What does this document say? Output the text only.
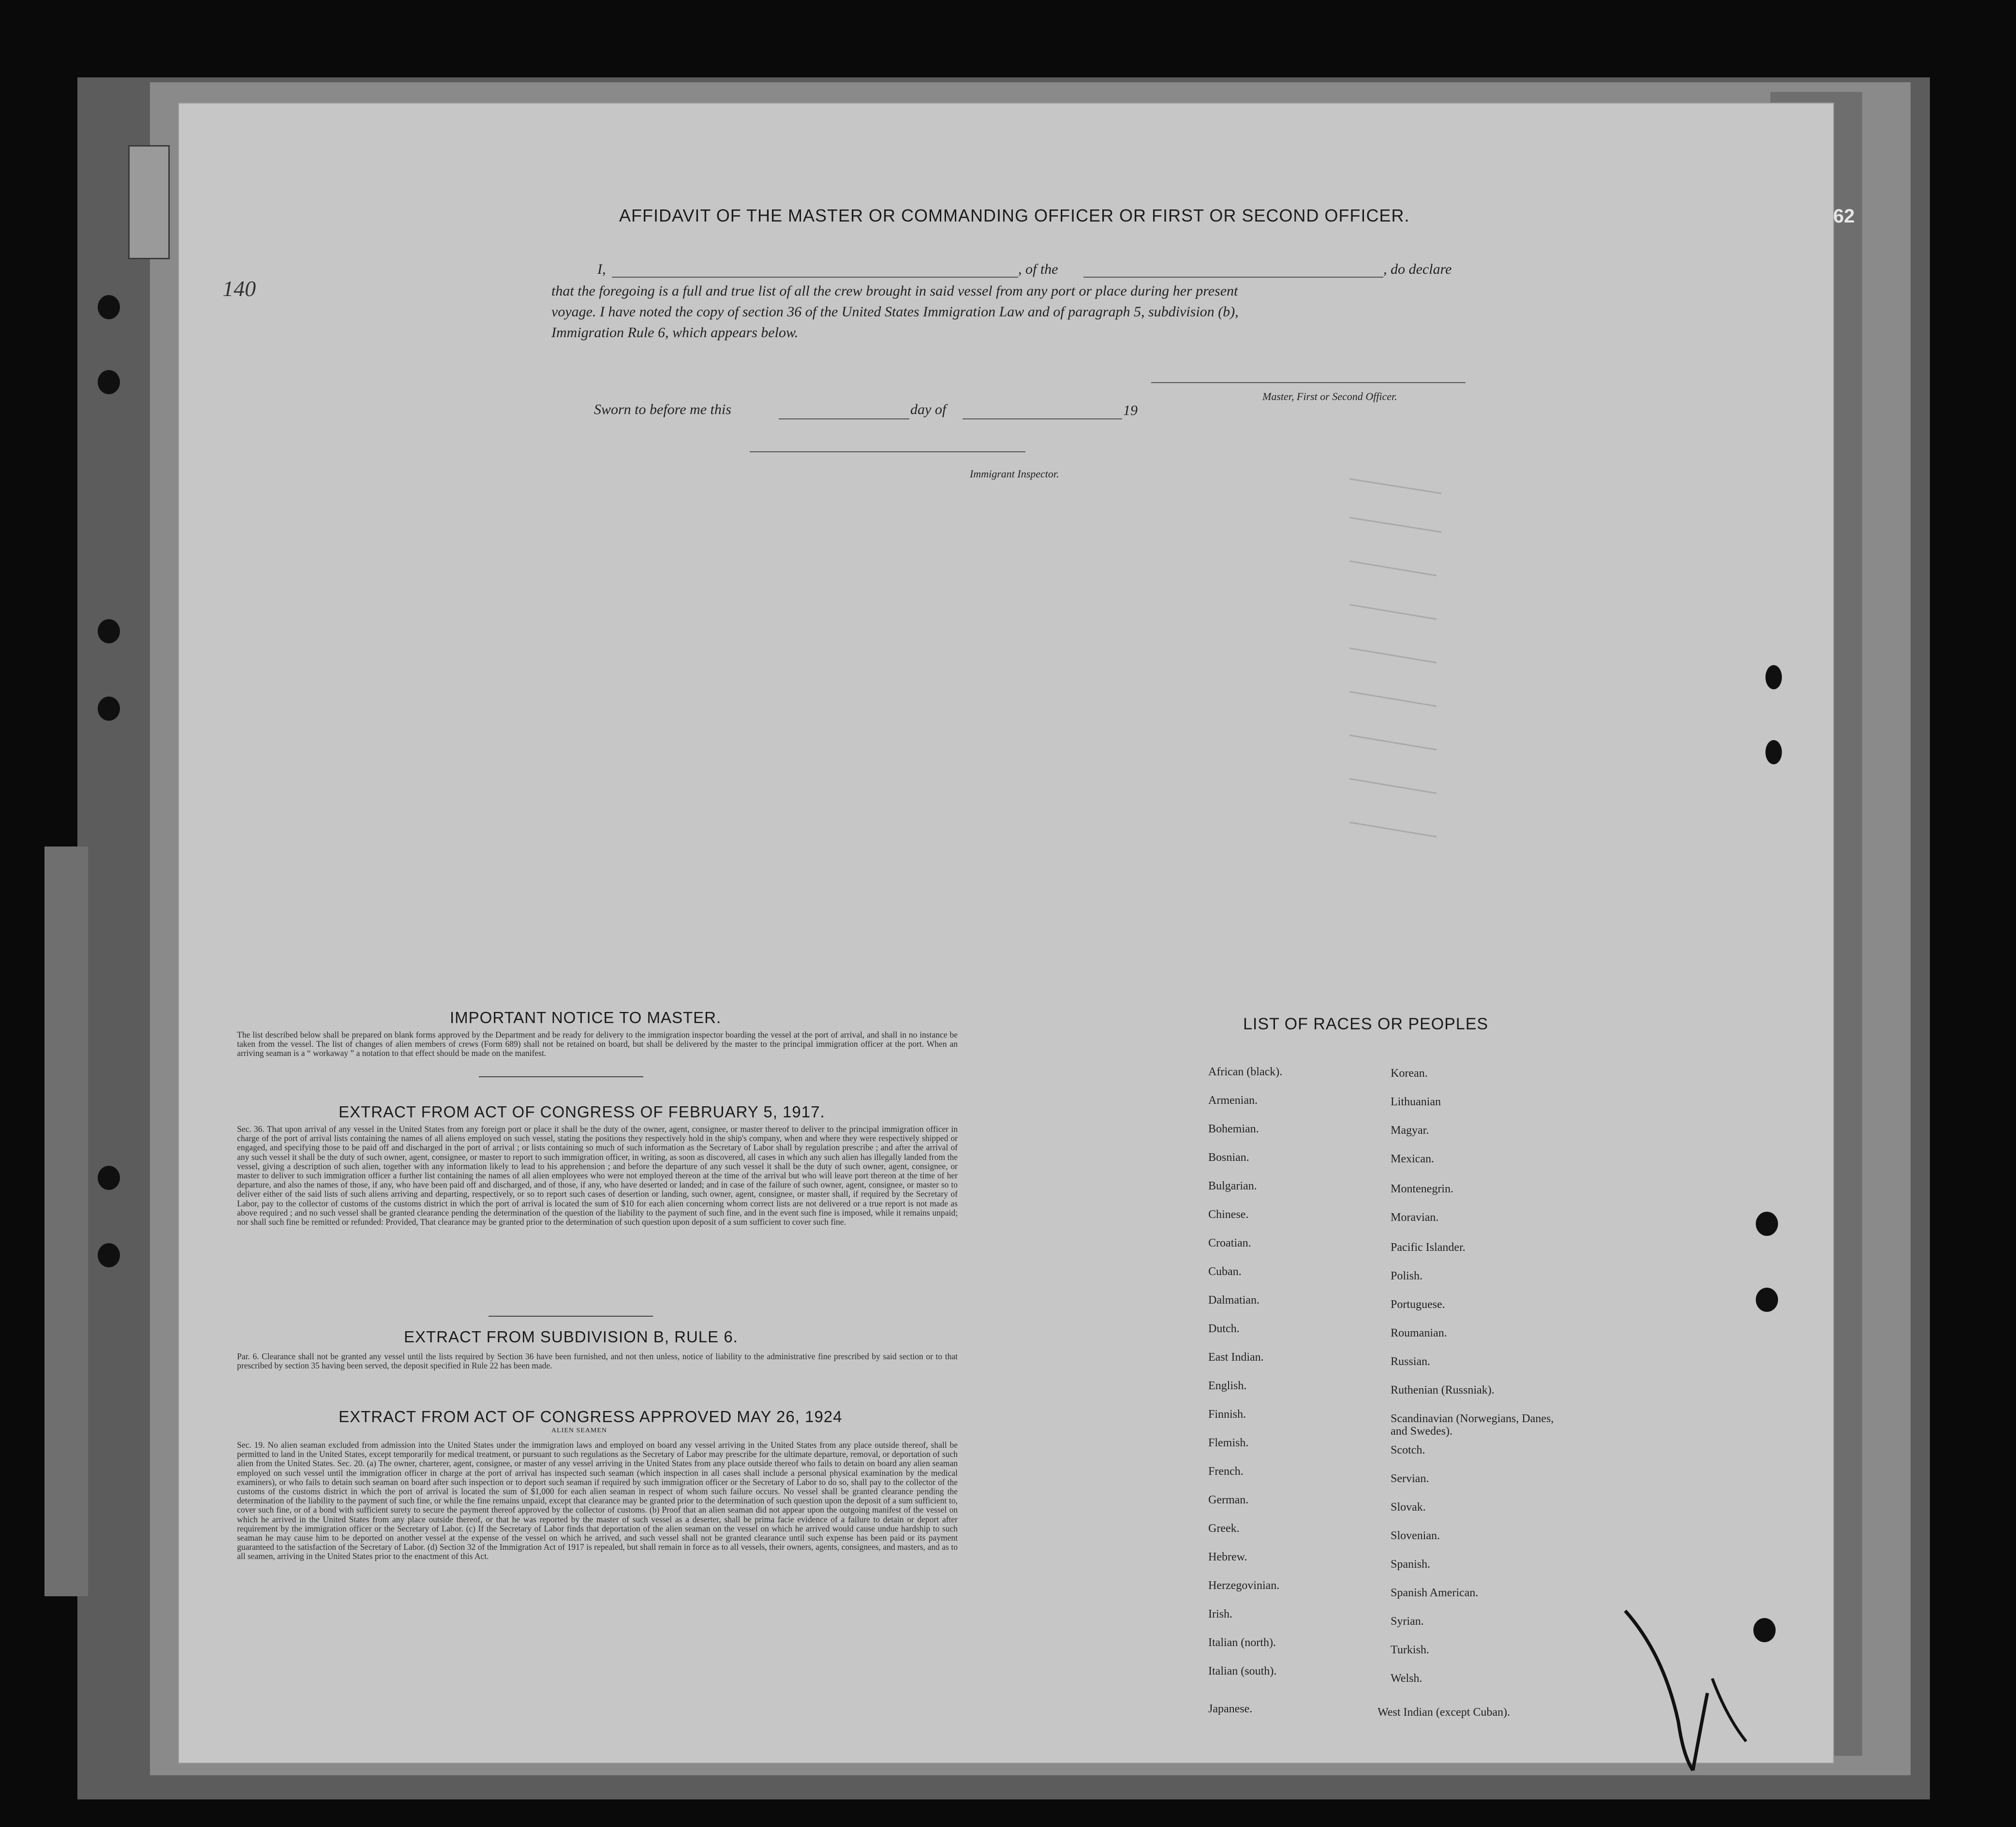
62
140
AFFIDAVIT OF THE MASTER OR COMMANDING OFFICER OR FIRST OR SECOND OFFICER.
I,	, of the	, do declare
that the foregoing is a full and true list of all the crew brought in said vessel from any port or place during her present
voyage. I have noted the copy of section 36 of the United States Immigration Law and of paragraph 5, subdivision (b),
Immigration Rule 6, which appears below.
Master, First or Second Officer.
Sworn to before me this	day of	19
Immigrant Inspector.
IMPORTANT NOTICE TO MASTER.
The list described below shall be prepared on blank forms approved by the Department and be ready for delivery to the immigration inspector boarding the vessel at the port of arrival, and shall in no instance be taken from the vessel. The list of changes of alien members of crews (Form 689) shall not be retained on board, but shall be delivered by the master to the principal immigration officer at the port. When an arriving seaman is a “ workaway ” a notation to that effect should be made on the manifest.
EXTRACT FROM ACT OF CONGRESS OF FEBRUARY 5, 1917.
Sec. 36. That upon arrival of any vessel in the United States from any foreign port or place it shall be the duty of the owner, agent, consignee, or master thereof to deliver to the principal immigration officer in charge of the port of arrival lists containing the names of all aliens employed on such vessel, stating the positions they respectively hold in the ship's company, when and where they were respectively shipped or engaged, and specifying those to be paid off and discharged in the port of arrival ; or lists containing so much of such information as the Secretary of Labor shall by regulation prescribe ; and after the arrival of any such vessel it shall be the duty of such owner, agent, consignee, or master to report to such immigration officer, in writing, as soon as discovered, all cases in which any such alien has illegally landed from the vessel, giving a description of such alien, together with any information likely to lead to his apprehension ; and before the departure of any such vessel it shall be the duty of such owner, agent, consignee, or master to deliver to such immigration officer a further list containing the names of all alien employees who were not employed thereon at the time of the arrival but who will leave port thereon at the time of her departure, and also the names of those, if any, who have been paid off and discharged, and of those, if any, who have deserted or landed; and in case of the failure of such owner, agent, consignee, or master so to deliver either of the said lists of such aliens arriving and departing, respectively, or so to report such cases of desertion or landing, such owner, agent, consignee, or master shall, if required by the Secretary of Labor, pay to the collector of customs of the customs district in which the port of arrival is located the sum of $10 for each alien concerning whom correct lists are not delivered or a true report is not made as above required ; and no such vessel shall be granted clearance pending the determination of the question of the liability to the payment of such fine, and in the event such fine is imposed, while it remains unpaid; nor shall such fine be remitted or refunded: Provided, That clearance may be granted prior to the determination of such question upon deposit of a sum sufficient to cover such fine.
EXTRACT FROM SUBDIVISION B, RULE 6.
Par. 6. Clearance shall not be granted any vessel until the lists required by Section 36 have been furnished, and not then unless, notice of liability to the administrative fine prescribed by said section or to that prescribed by section 35 having been served, the deposit specified in Rule 22 has been made.
EXTRACT FROM ACT OF CONGRESS APPROVED MAY 26, 1924
ALIEN SEAMEN
Sec. 19. No alien seaman excluded from admission into the United States under the immigration laws and employed on board any vessel arriving in the United States from any place outside thereof, shall be permitted to land in the United States, except temporarily for medical treatment, or pursuant to such regulations as the Secretary of Labor may prescribe for the ultimate departure, removal, or deportation of such alien from the United States. Sec. 20. (a) The owner, charterer, agent, consignee, or master of any vessel arriving in the United States from any place outside thereof who fails to detain on board any alien seaman employed on such vessel until the immigration officer in charge at the port of arrival has inspected such seaman (which inspection in all cases shall include a personal physical examination by the medical examiners), or who fails to detain such seaman on board after such inspection or to deport such seaman if required by such immigration officer or the Secretary of Labor to do so, shall pay to the collector of the customs of the customs district in which the port of arrival is located the sum of $1,000 for each alien seaman in respect of whom such failure occurs. No vessel shall be granted clearance pending the determination of the liability to the payment of such fine, or while the fine remains unpaid, except that clearance may be granted prior to the determination of such question upon the deposit of a sum sufficient to, cover such fine, or of a bond with sufficient surety to secure the payment thereof approved by the collector of customs. (b) Proof that an alien seaman did not appear upon the outgoing manifest of the vessel on which he arrived in the United States from any place outside thereof, or that he was reported by the master of such vessel as a deserter, shall be prima facie evidence of a failure to detain or deport after requirement by the immigration officer or the Secretary of Labor. (c) If the Secretary of Labor finds that deportation of the alien seaman on the vessel on which he arrived would cause undue hardship to such seaman he may cause him to be deported on another vessel at the expense of the vessel on which he arrived, and such vessel shall not be granted clearance until such expense has been paid or its payment guaranteed to the satisfaction of the Secretary of Labor. (d) Section 32 of the Immigration Act of 1917 is repealed, but shall remain in force as to all vessels, their owners, agents, consignees, and masters, and as to all seamen, arriving in the United States prior to the enactment of this Act.
LIST OF RACES OR PEOPLES
African (black).
Armenian.
Bohemian.
Bosnian.
Bulgarian.
Chinese.
Croatian.
Cuban.
Dalmatian.
Dutch.
East Indian.
English.
Finnish.
Flemish.
French.
German.
Greek.
Hebrew.
Herzegovinian.
Irish.
Italian (north).
Italian (south).
Japanese.
Korean.
Lithuanian
Magyar.
Mexican.
Montenegrin.
Moravian.
Pacific Islander.
Polish.
Portuguese.
Roumanian.
Russian.
Ruthenian (Russniak).
Scandinavian (Norwegians, Danes, and Swedes).
Scotch.
Servian.
Slovak.
Slovenian.
Spanish.
Spanish American.
Syrian.
Turkish.
Welsh.
West Indian (except Cuban).
